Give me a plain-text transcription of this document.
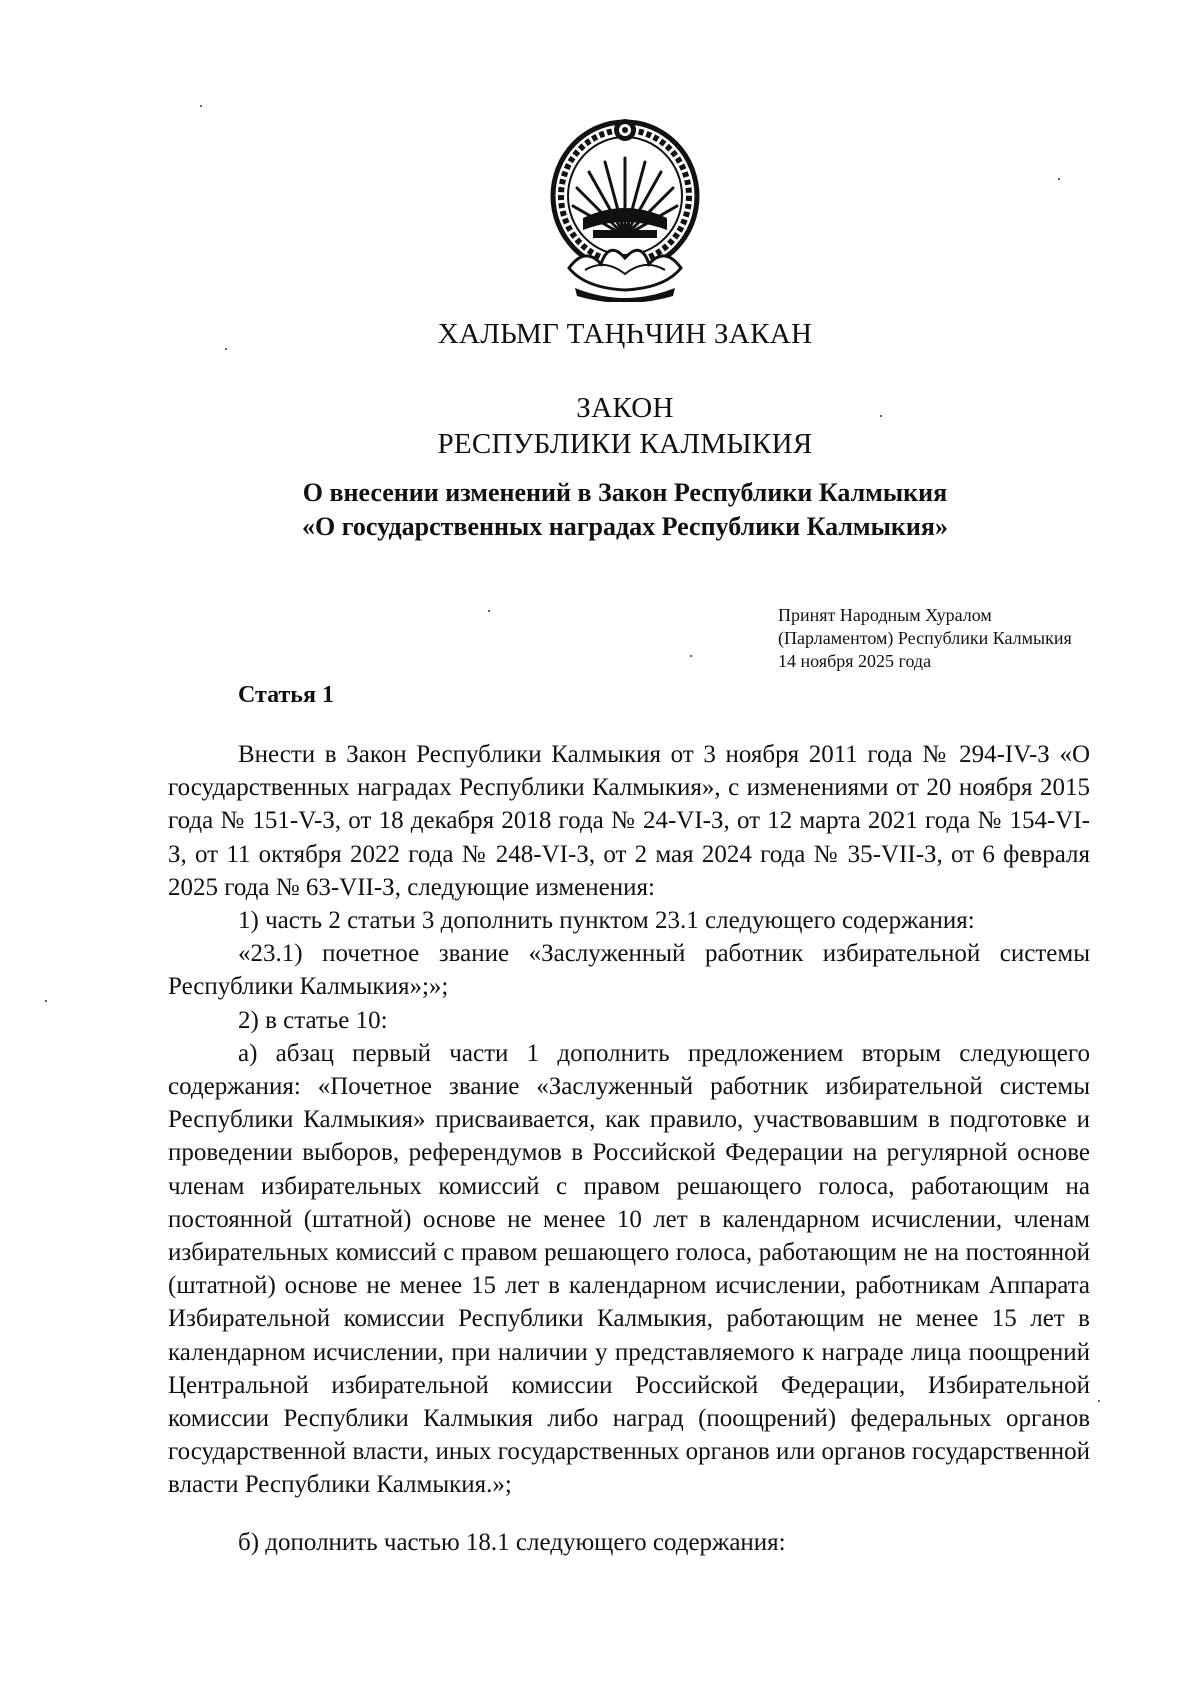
ХАЛЬМГ ТАҢҺЧИН ЗАКАН
ЗАКОН
РЕСПУБЛИКИ КАЛМЫКИЯ
О внесении изменений в Закон Республики Калмыкия
«О государственных наградах Республики Калмыкия»
Принят Народным Хуралом
(Парламентом) Республики Калмыкия
14 ноября 2025 года
Статья 1

Внести в Закон Республики Калмыкия от 3 ноября 2011 года № 294-IV-З «О государственных наградах Республики Калмыкия», с изменениями от 20 ноября 2015 года № 151-V-З, от 18 декабря 2018 года № 24-VI-З, от 12 марта 2021 года № 154-VI-З, от 11 октября 2022 года № 248-VI-З, от 2 мая 2024 года № 35-VII-З, от 6 февраля 2025 года № 63-VII-З, следующие изменения:

1) часть 2 статьи 3 дополнить пунктом 23.1 следующего содержания:

«23.1) почетное звание «Заслуженный работник избирательной системы Республики Калмыкия»;»;

2) в статье 10:

а) абзац первый части 1 дополнить предложением вторым следующего содержания: «Почетное звание «Заслуженный работник избирательной системы Республики Калмыкия» присваивается, как правило, участвовавшим в подготовке и проведении выборов, референдумов в Российской Федерации на регулярной основе членам избирательных комиссий с правом решающего голоса, работающим на постоянной (штатной) основе не менее 10 лет в календарном исчислении, членам избирательных комиссий с правом решающего голоса, работающим не на постоянной (штатной) основе не менее 15 лет в календарном исчислении, работникам Аппарата Избирательной комиссии Республики Калмыкия, работающим не менее 15 лет в календарном исчислении, при наличии у представляемого к награде лица поощрений Центральной избирательной комиссии Российской Федерации, Избирательной комиссии Республики Калмыкия либо наград (поощрений) федеральных органов государственной власти, иных государственных органов или органов государственной власти Республики Калмыкия.»;

б) дополнить частью 18.1 следующего содержания:
